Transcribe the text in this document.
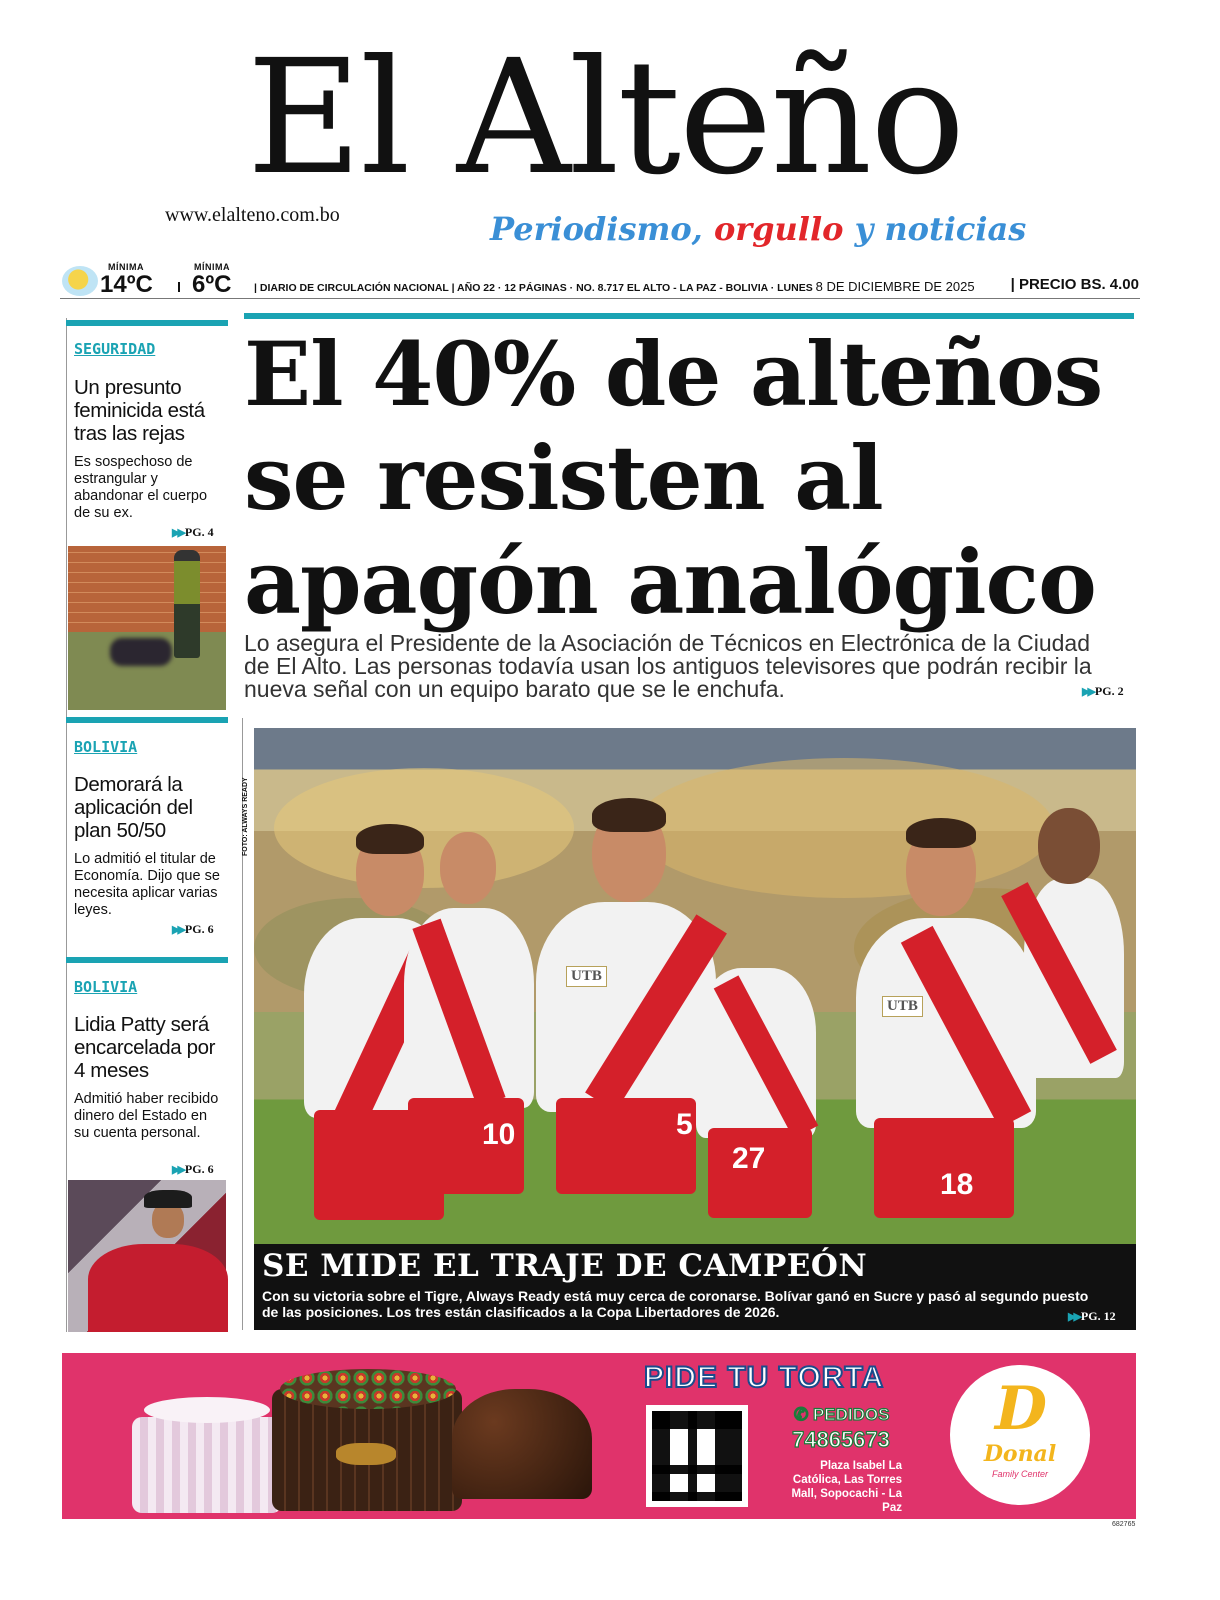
El Alteño
www.elalteno.com.bo	Periodismo, orgullo y noticias
MÍNIMA
14ºC
MÍNIMA
6ºC | DIARIO DE CIRCULACIÓN NACIONAL | AÑO 22 · 12 PÁGINAS · NO. 8.717 EL ALTO - LA PAZ - BOLIVIA · LUNES 8 DE DICIEMBRE DE 2025 | PRECIO BS. 4.00
SEGURIDAD
Un presunto feminicida está tras las rejas
Es sospechoso de estrangular y abandonar el cuerpo de su ex.
▶▶ PG. 4
BOLIVIA
Demorará la aplicación del plan 50/50
Lo admitió el titular de Economía. Dijo que se necesita aplicar varias leyes.
▶▶ PG. 6
BOLIVIA
Lidia Patty será encarcelada por 4 meses
Admitió haber recibido dinero del Estado en su cuenta personal.
▶▶ PG. 6
El 40% de alteños se resisten al apagón analógico
Lo asegura el Presidente de la Asociación de Técnicos en Electrónica de la Ciudad de El Alto. Las personas todavía usan los antiguos televisores que podrán recibir la nueva señal con un equipo barato que se le enchufa.	▶▶ PG. 2
FOTO: ALWAYS READY
10
UTB
5
27
UTB
18
SE MIDE EL TRAJE DE CAMPEÓN
Con su victoria sobre el Tigre, Always Ready está muy cerca de coronarse. Bolívar ganó en Sucre y pasó al segundo puesto de las posiciones. Los tres están clasificados a la Copa Libertadores de 2026.	▶▶ PG. 12
PIDE TU TORTA
✆ PEDIDOS
74865673
Plaza Isabel La Católica, Las Torres Mall, Sopocachi - La Paz
D
Donal
Family Center
682765
